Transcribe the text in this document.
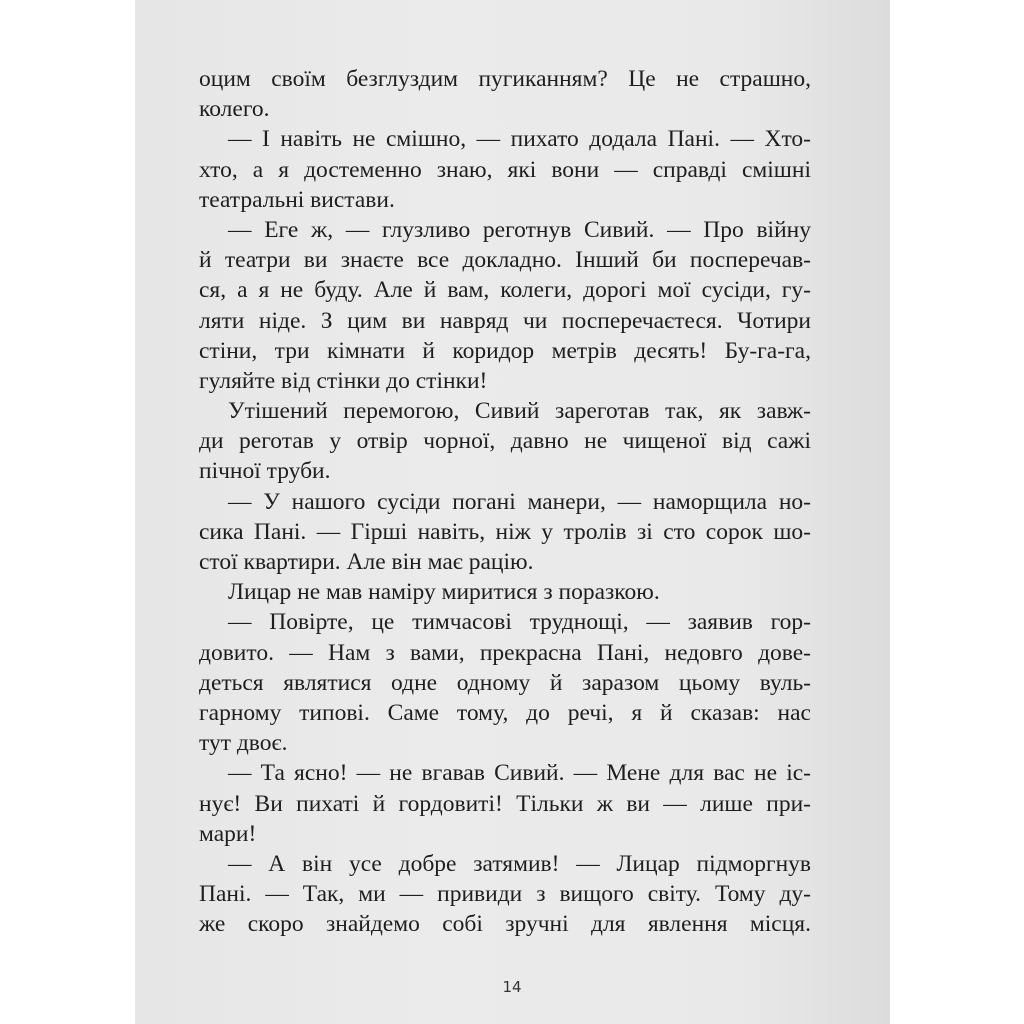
оцим своїм безглуздим пугиканням? Це не страшно,
колего.
— І навіть не смішно, — пихато додала Пані. — Хто-
хто, а я достеменно знаю, які вони — справді смішні
театральні вистави.
— Еге ж, — глузливо реготнув Сивий. — Про війну
й театри ви знаєте все докладно. Інший би посперечав-
ся, а я не буду. Але й вам, колеги, дорогі мої сусіди, гу-
ляти ніде. З цим ви навряд чи посперечаєтеся. Чотири
стіни, три кімнати й коридор метрів десять! Бу-га-га,
гуляйте від стінки до стінки!
Утішений перемогою, Сивий зареготав так, як завж-
ди реготав у отвір чорної, давно не чищеної від сажі
пічної труби.
— У нашого сусіди погані манери, — наморщила но-
сика Пані. — Гірші навіть, ніж у тролів зі сто сорок шо-
стої квартири. Але він має рацію.
Лицар не мав наміру миритися з поразкою.
— Повірте, це тимчасові труднощі, — заявив гор-
довито. — Нам з вами, прекрасна Пані, недовго дове-
деться являтися одне одному й заразом цьому вуль-
гарному типові. Саме тому, до речі, я й сказав: нас
тут двоє.
— Та ясно! — не вгавав Сивий. — Мене для вас не іс-
нує! Ви пихаті й гордовиті! Тільки ж ви — лише при-
мари!
— А він усе добре затямив! — Лицар підморгнув
Пані. — Так, ми — привиди з вищого світу. Тому ду-
же скоро знайдемо собі зручні для явлення місця.
14
